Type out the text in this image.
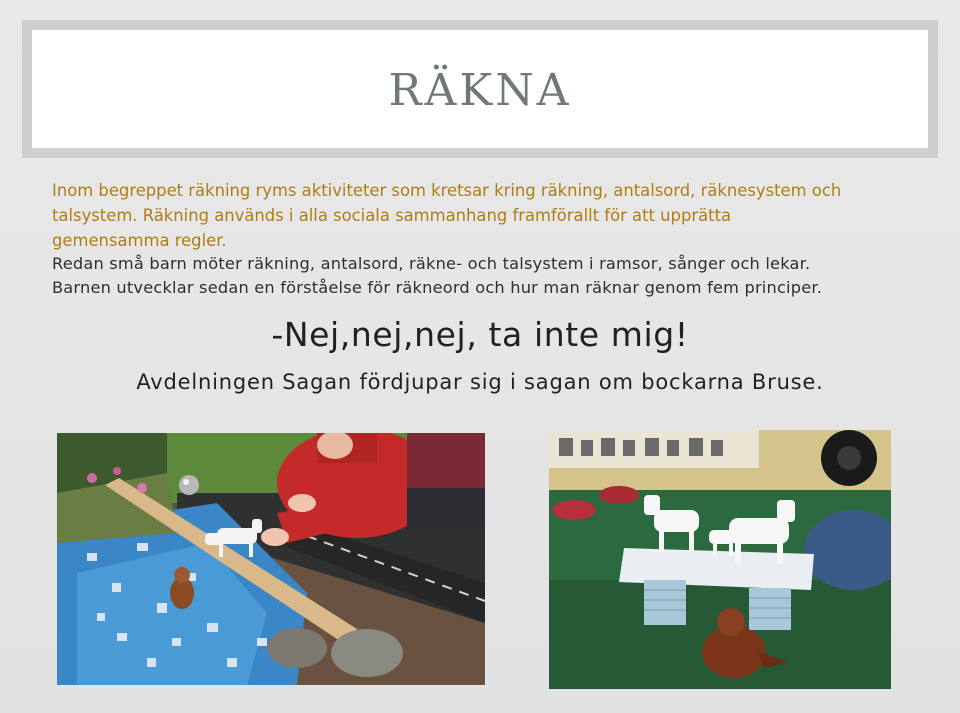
RÄKNA

Inom begreppet räkning ryms aktiviteter som kretsar kring räkning, antalsord, räknesystem och

talsystem. Räkning används i alla sociala sammanhang framförallt för att upprätta

gemensamma regler.

Redan små barn möter räkning, antalsord, räkne- och talsystem i ramsor, sånger och lekar.

Barnen utvecklar sedan en förståelse för räkneord och hur man räknar genom fem principer.

-Nej,nej,nej, ta inte mig!
Avdelningen Sagan fördjupar sig i sagan om bockarna Bruse.
